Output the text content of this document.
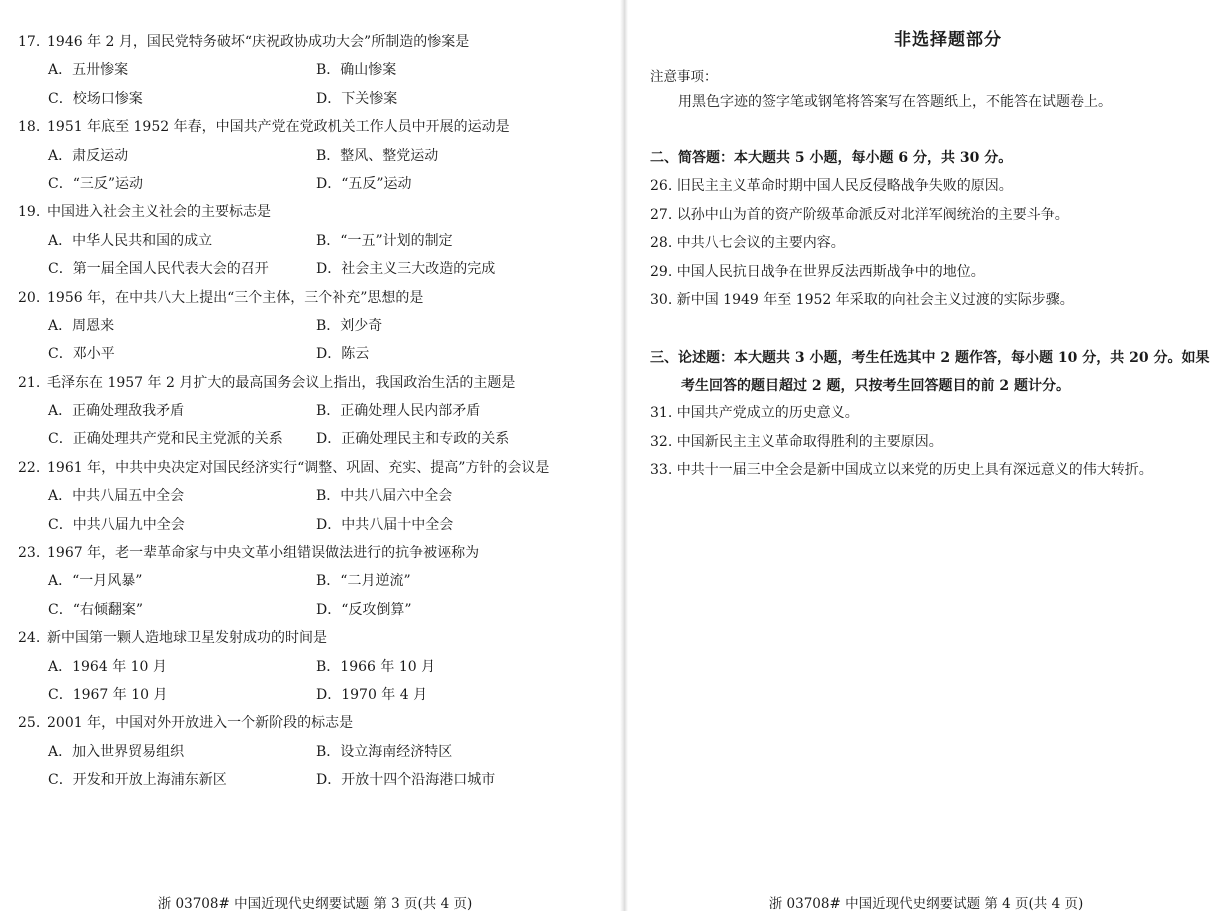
17. 1946 年 2 月，国民党特务破坏“庆祝政协成功大会”所制造的惨案是
A．五卅惨案	B．确山惨案
C．校场口惨案	D．下关惨案
18. 1951 年底至 1952 年春，中国共产党在党政机关工作人员中开展的运动是
A．肃反运动	B．整风、整党运动
C．“三反”运动	D．“五反”运动
19. 中国进入社会主义社会的主要标志是
A．中华人民共和国的成立	B．“一五”计划的制定
C．第一届全国人民代表大会的召开	D．社会主义三大改造的完成
20. 1956 年，在中共八大上提出“三个主体，三个补充”思想的是
A．周恩来	B．刘少奇
C．邓小平	D．陈云
21. 毛泽东在 1957 年 2 月扩大的最高国务会议上指出，我国政治生活的主题是
A．正确处理敌我矛盾	B．正确处理人民内部矛盾
C．正确处理共产党和民主党派的关系 D．正确处理民主和专政的关系
22. 1961 年，中共中央决定对国民经济实行“调整、巩固、充实、提高”方针的会议是
A．中共八届五中全会	B．中共八届六中全会
C．中共八届九中全会	D．中共八届十中全会
23. 1967 年，老一辈革命家与中央文革小组错误做法进行的抗争被诬称为
A．“一月风暴”	B．“二月逆流”
C．“右倾翻案”	D．“反攻倒算”
24. 新中国第一颗人造地球卫星发射成功的时间是
A．1964 年 10 月	B．1966 年 10 月
C．1967 年 10 月	D．1970 年 4 月
25. 2001 年，中国对外开放进入一个新阶段的标志是
A．加入世界贸易组织	B．设立海南经济特区
C．开发和开放上海浦东新区	D．开放十四个沿海港口城市
浙 03708# 中国近现代史纲要试题 第 3 页(共 4 页)
非选择题部分
注意事项：
用黑色字迹的签字笔或钢笔将答案写在答题纸上，不能答在试题卷上。
二、简答题：本大题共 5 小题，每小题 6 分，共 30 分。
26. 旧民主主义革命时期中国人民反侵略战争失败的原因。
27. 以孙中山为首的资产阶级革命派反对北洋军阀统治的主要斗争。
28. 中共八七会议的主要内容。
29. 中国人民抗日战争在世界反法西斯战争中的地位。
30. 新中国 1949 年至 1952 年采取的向社会主义过渡的实际步骤。
三、论述题：本大题共 3 小题，考生任选其中 2 题作答，每小题 10 分，共 20 分。如果
考生回答的题目超过 2 题，只按考生回答题目的前 2 题计分。
31. 中国共产党成立的历史意义。
32. 中国新民主主义革命取得胜利的主要原因。
33. 中共十一届三中全会是新中国成立以来党的历史上具有深远意义的伟大转折。
浙 03708# 中国近现代史纲要试题 第 4 页(共 4 页)
